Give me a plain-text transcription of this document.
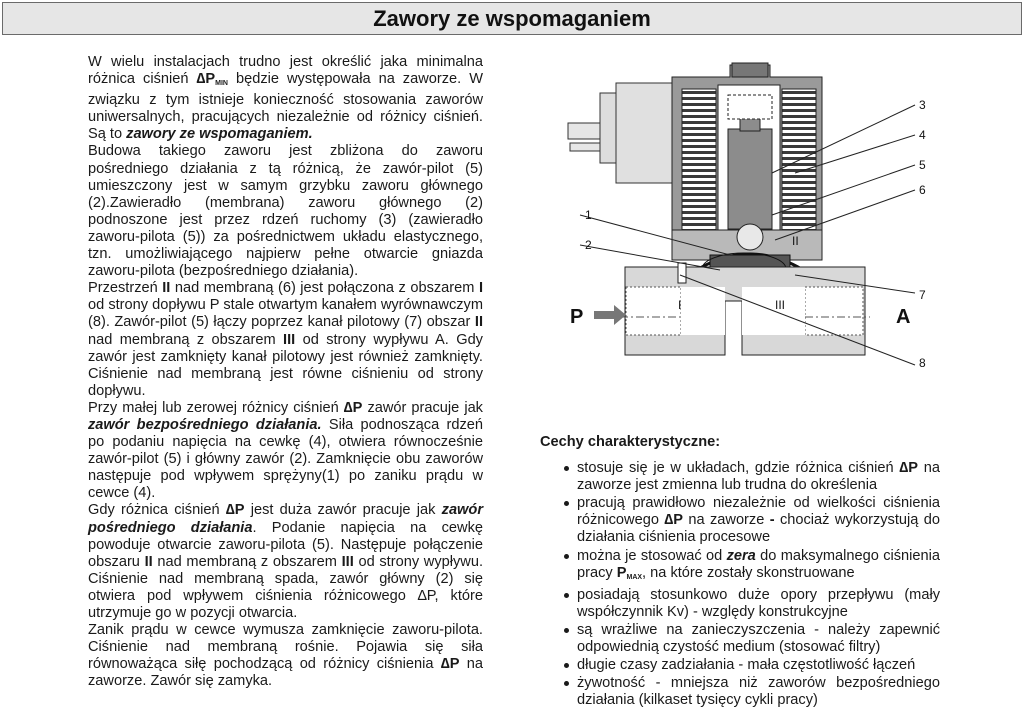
Zawory ze wspomaganiem

W wielu instalacjach trudno jest określić jaka minimalna różnica ciśnień $\Delta P_{MIN}$ będzie występowała na zaworze. W związku z tym istnieje konieczność stosowania zaworów uniwersalnych, pracujących niezależnie od różnicy ciśnień. Są to zawory ze wspomaganiem.

Budowa takiego zaworu jest zbliżona do zaworu pośredniego działania z tą różnicą, że zawór-pilot (5) umieszczony jest w samym grzybku zaworu głównego (2).Zawieradło (membrana) zaworu głównego (2) podnoszone jest przez rdzeń ruchomy (3) (zawieradło zaworu-pilota (5)) za pośrednictwem układu elastycznego, tzn. umożliwiającego najpierw pełne otwarcie gniazda zaworu-pilota (bezpośredniego działania).

Przestrzeń II nad membraną (6) jest połączona z obszarem I od strony dopływu P stale otwartym kanałem wyrównawczym (8). Zawór-pilot (5) łączy poprzez kanał pilotowy (7) obszar II nad membraną z obszarem III od strony wypływu A. Gdy zawór jest zamknięty kanał pilotowy jest również zamknięty. Ciśnienie nad membraną jest równe ciśnieniu od strony dopływu.

Przy małej lub zerowej różnicy ciśnień ∆P zawór pracuje jak zawór bezpośredniego działania. Siła podnosząca rdzeń po podaniu napięcia na cewkę (4), otwiera równocześnie zawór-pilot (5) i główny zawór (2). Zamknięcie obu zaworów następuje pod wpływem sprężyny(1) po zaniku prądu w cewce (4).

Gdy różnica ciśnień ∆P jest duża zawór pracuje jak zawór pośredniego działania. Podanie napięcia na cewkę powoduje otwarcie zaworu-pilota (5). Następuje połączenie obszaru II nad membraną z obszarem III od strony wypływu. Ciśnienie nad membraną spada, zawór główny (2) się otwiera pod wpływem ciśnienia różnicowego ∆P, które utrzymuje go w pozycji otwarcia.

Zanik prądu w cewce wymusza zamknięcie zaworu-pilota. Ciśnienie nad membraną rośnie. Pojawia się siła równoważąca siłę pochodzącą od różnicy ciśnienia ∆P na zaworze. Zawór się zamyka.

1
2
3
4
5
6
7
8
I
II
III
P	A
Cechy charakterystyczne:
stosuje się je w układach, gdzie różnica ciśnień ∆P na zaworze jest zmienna lub trudna do określenia
pracują prawidłowo niezależnie od wielkości ciśnienia różnicowego ∆P na zaworze - chociaż wykorzystują do działania ciśnienia procesowe
można je stosować od zera do maksymalnego ciśnienia pracy $P_{MAX}$, na które zostały skonstruowane
posiadają stosunkowo duże opory przepływu (mały współczynnik Kv) - względy konstrukcyjne
są wrażliwe na zanieczyszczenia - należy zapewnić odpowiednią czystość medium (stosować filtry)
długie czasy zadziałania - mała częstotliwość łączeń
żywotność - mniejsza niż zaworów bezpośredniego działania (kilkaset tysięcy cykli pracy)
